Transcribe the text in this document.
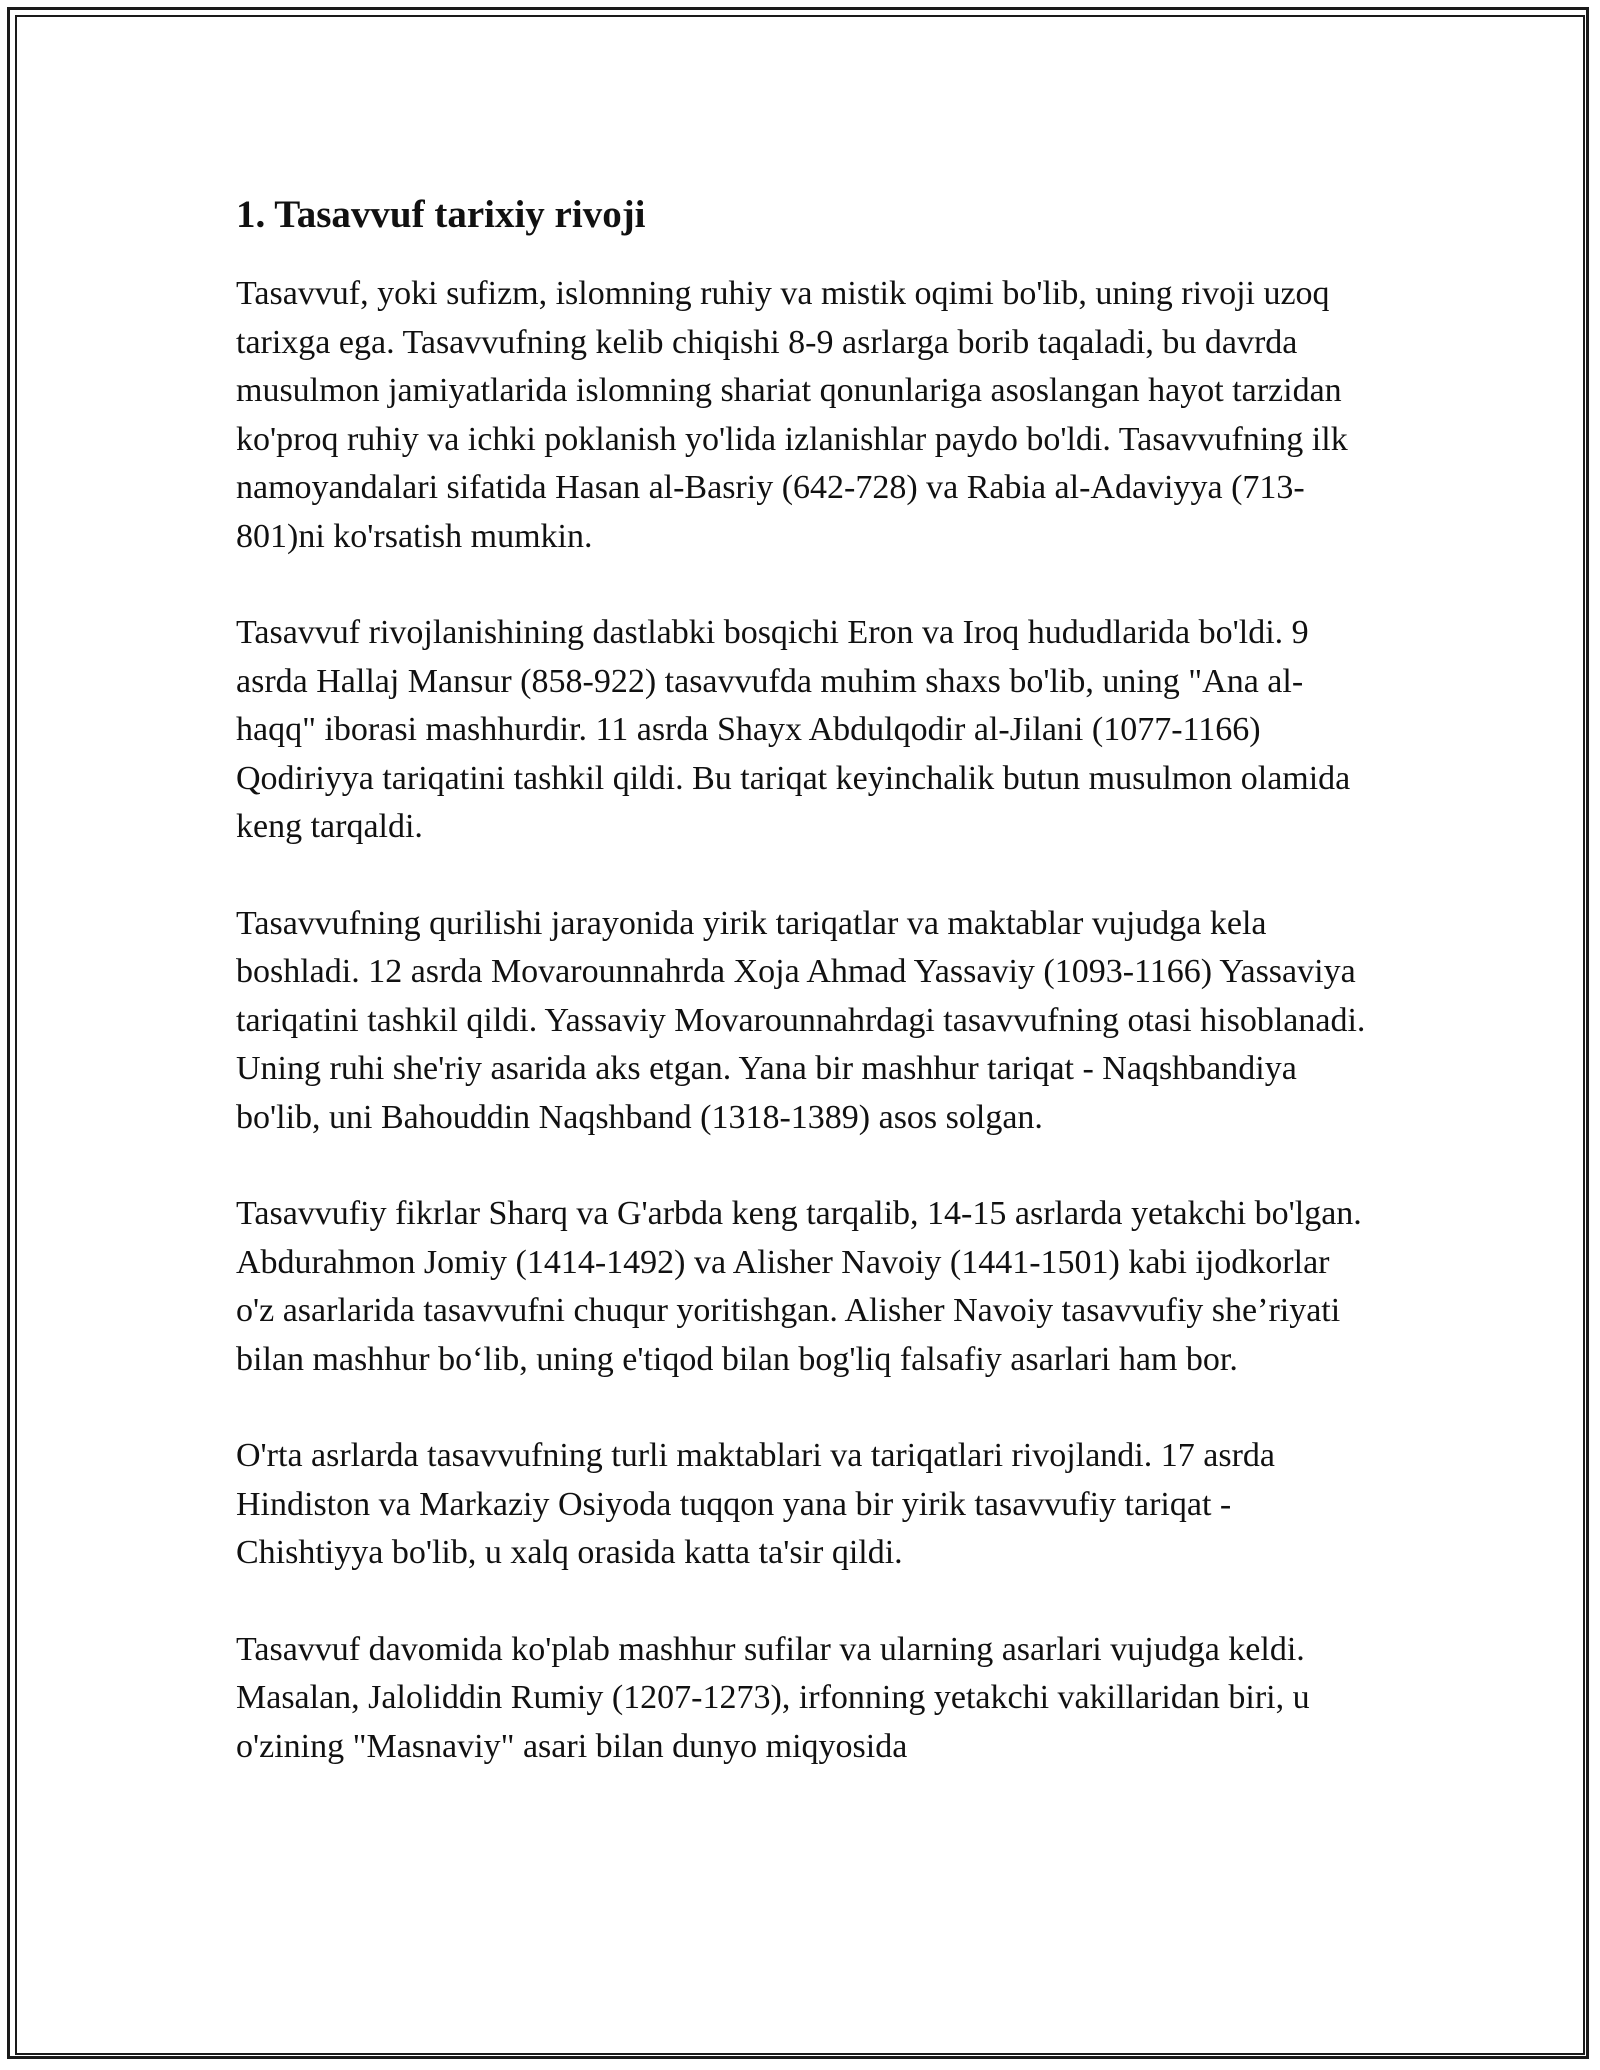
1. Tasavvuf tarixiy rivoji

Tasavvuf, yoki sufizm, islomning ruhiy va mistik oqimi bo'lib, uning rivoji uzoq tarixga ega. Tasavvufning kelib chiqishi 8-9 asrlarga borib taqaladi, bu davrda musulmon jamiyatlarida islomning shariat qonunlariga asoslangan hayot tarzidan ko'proq ruhiy va ichki poklanish yo'lida izlanishlar paydo bo'ldi. Tasavvufning ilk namoyandalari sifatida Hasan al-Basriy (642-728) va Rabia al-Adaviyya (713-801)ni ko'rsatish mumkin.

Tasavvuf rivojlanishining dastlabki bosqichi Eron va Iroq hududlarida bo'ldi. 9 asrda Hallaj Mansur (858-922) tasavvufda muhim shaxs bo'lib, uning "Ana al-haqq" iborasi mashhurdir. 11 asrda Shayx Abdulqodir al-Jilani (1077-1166) Qodiriyya tariqatini tashkil qildi. Bu tariqat keyinchalik butun musulmon olamida keng tarqaldi.

Tasavvufning qurilishi jarayonida yirik tariqatlar va maktablar vujudga kela boshladi. 12 asrda Movarounnahrda Xoja Ahmad Yassaviy (1093-1166) Yassaviya tariqatini tashkil qildi. Yassaviy Movarounnahrdagi tasavvufning otasi hisoblanadi. Uning ruhi she'riy asarida aks etgan. Yana bir mashhur tariqat - Naqshbandiya bo'lib, uni Bahouddin Naqshband (1318-1389) asos solgan.

Tasavvufiy fikrlar Sharq va G'arbda keng tarqalib, 14-15 asrlarda yetakchi bo'lgan. Abdurahmon Jomiy (1414-1492) va Alisher Navoiy (1441-1501) kabi ijodkorlar o'z asarlarida tasavvufni chuqur yoritishgan. Alisher Navoiy tasavvufiy she’riyati bilan mashhur bo‘lib, uning e'tiqod bilan bog'liq falsafiy asarlari ham bor.

O'rta asrlarda tasavvufning turli maktablari va tariqatlari rivojlandi. 17 asrda Hindiston va Markaziy Osiyoda tuqqon yana bir yirik tasavvufiy tariqat - Chishtiyya bo'lib, u xalq orasida katta ta'sir qildi.

Tasavvuf davomida ko'plab mashhur sufilar va ularning asarlari vujudga keldi. Masalan, Jaloliddin Rumiy (1207-1273), irfonning yetakchi vakillaridan biri, u o'zining "Masnaviy" asari bilan dunyo miqyosida
